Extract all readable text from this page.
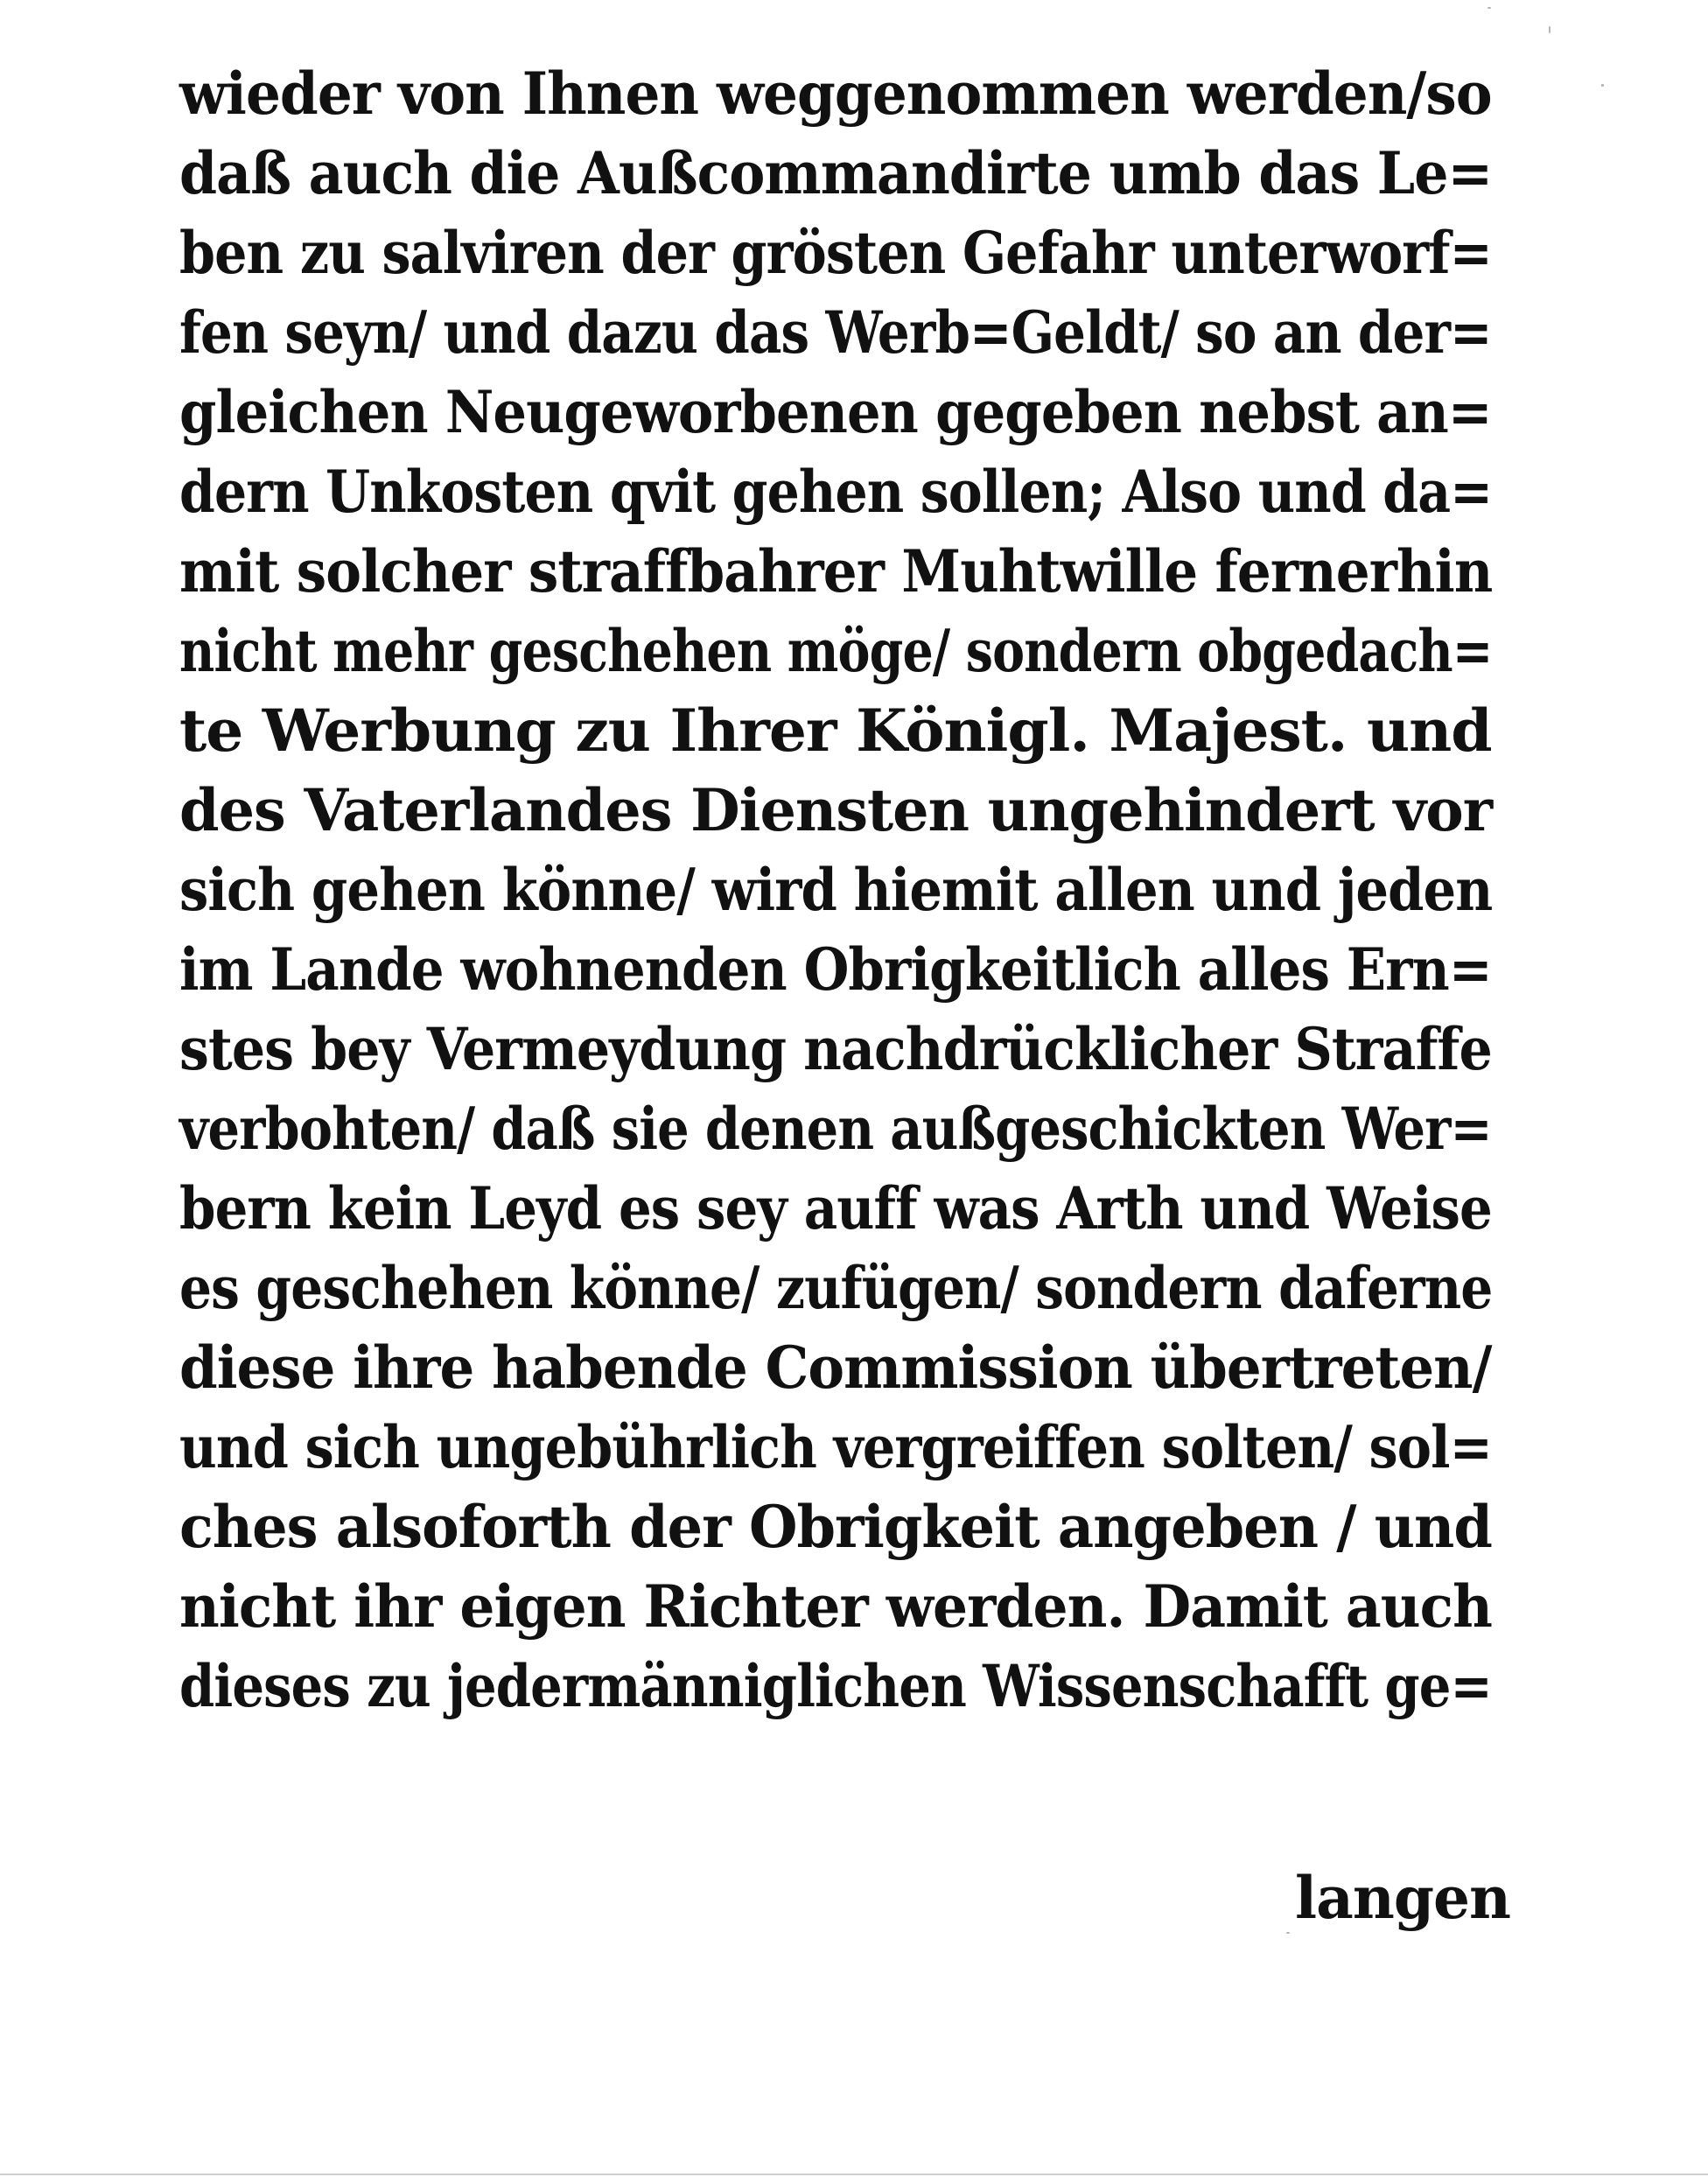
wieder von Ihnen weggenommen werden/so
daß auch die Außcommandirte umb das Le=
ben zu salviren der grösten Gefahr unterworf=
fen seyn/ und dazu das Werb=Geldt/ so an der=
gleichen Neugeworbenen gegeben nebst an=
dern Unkosten qvit gehen sollen; Also und da=
mit solcher straffbahrer Muhtwille fernerhin
nicht mehr geschehen möge/ sondern obgedach=
te Werbung zu Ihrer Königl. Majest. und
des Vaterlandes Diensten ungehindert vor
sich gehen könne/ wird hiemit allen und jeden
im Lande wohnenden Obrigkeitlich alles Ern=
stes bey Vermeydung nachdrücklicher Straffe
verbohten/ daß sie denen außgeschickten Wer=
bern kein Leyd es sey auff was Arth und Weise
es geschehen könne/ zufügen/ sondern daferne
diese ihre habende Commission übertreten/
und sich ungebührlich vergreiffen solten/ sol=
ches alsoforth der Obrigkeit angeben / und
nicht ihr eigen Richter werden. Damit auch
dieses zu jedermänniglichen Wissenschafft ge=
langen
